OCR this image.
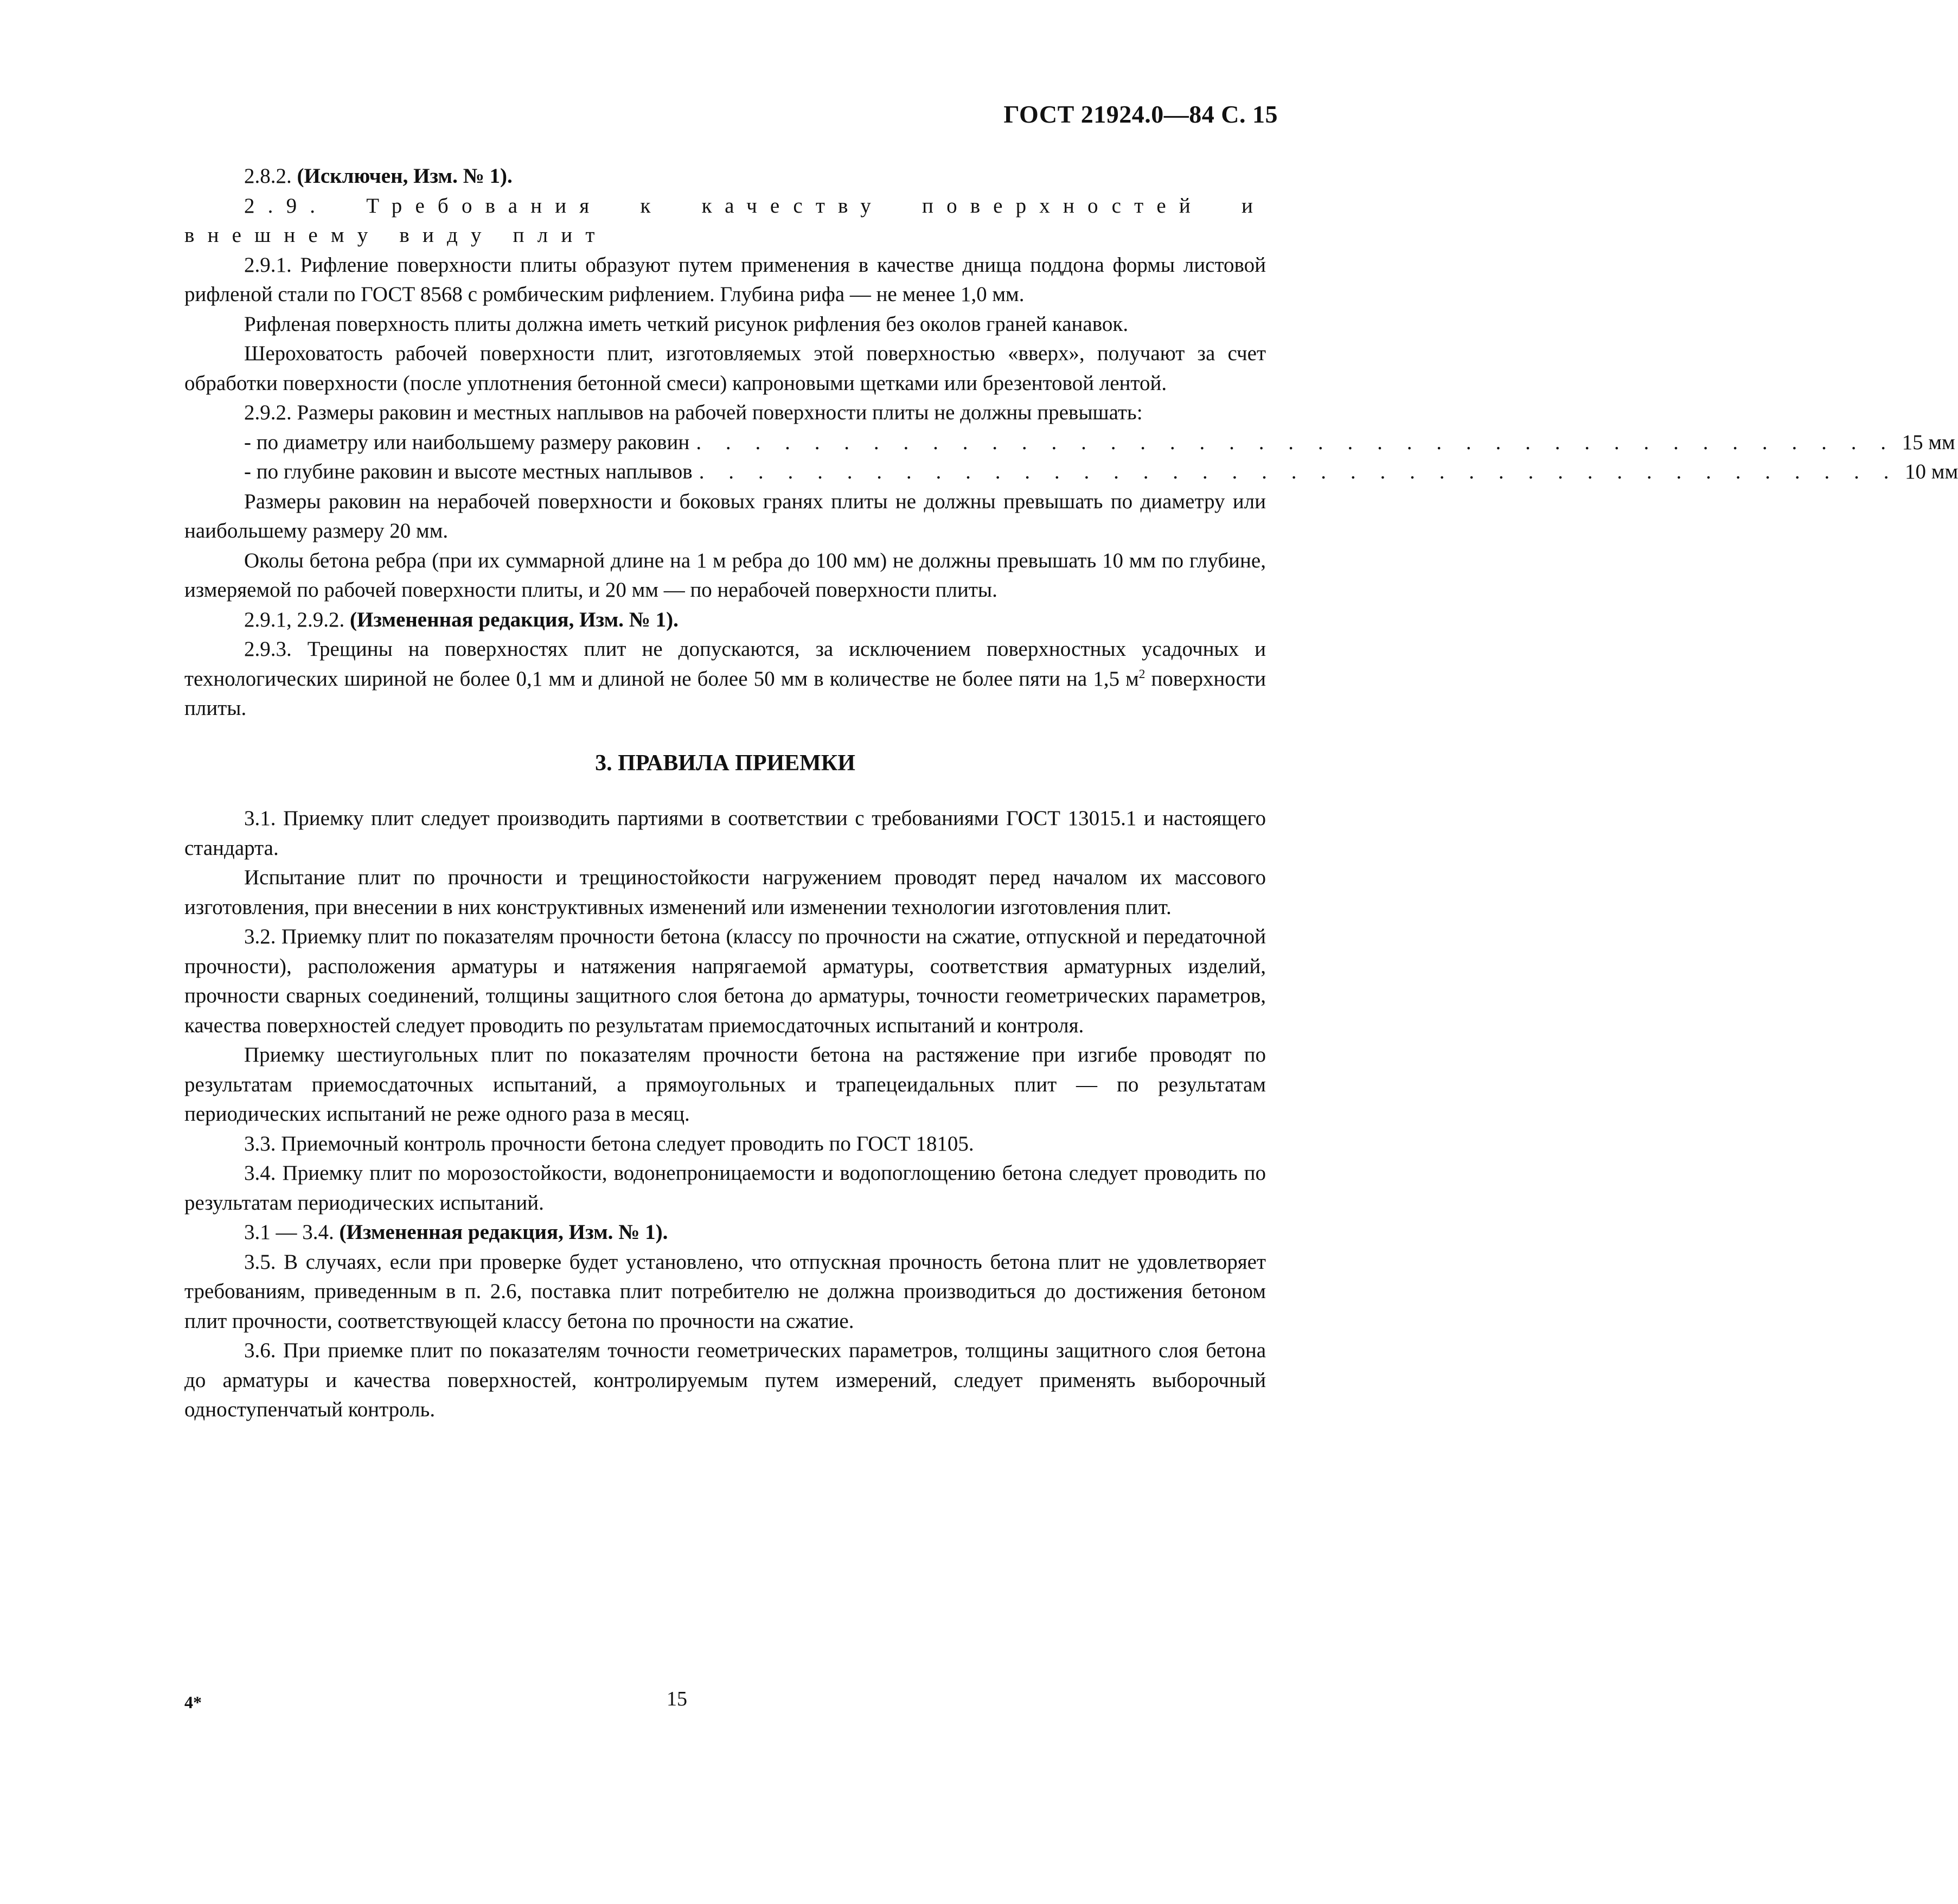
ГОСТ 21924.0—84 С. 15

2.8.2. (Исключен, Изм. № 1).

2.9. Требования к качеству поверхностей и внешнему виду плит

2.9.1. Рифление поверхности плиты образуют путем применения в качестве днища поддона формы листовой рифленой стали по ГОСТ 8568 с ромбическим рифлением. Глубина рифа — не менее 1,0 мм.

Рифленая поверхность плиты должна иметь четкий рисунок рифления без околов граней канавок.

Шероховатость рабочей поверхности плит, изготовляемых этой поверхностью «вверх», получают за счет обработки поверхности (после уплотнения бетонной смеси) капроновыми щетками или брезентовой лентой.

2.9.2. Размеры раковин и местных наплывов на рабочей поверхности плиты не должны превышать:

- по диаметру или наибольшему размеру раковин . . . . . . . . . . . . . . . . . . . . . . . . . . . . . . . . . . . . . . . . . 15 мм
- по глубине раковин и высоте местных наплывов . . . . . . . . . . . . . . . . . . . . . . . . . . . . . . . . . . . . . . . . . 10 мм

Размеры раковин на нерабочей поверхности и боковых гранях плиты не должны превышать по диаметру или наибольшему размеру 20 мм.

Околы бетона ребра (при их суммарной длине на 1 м ребра до 100 мм) не должны превышать 10 мм по глубине, измеряемой по рабочей поверхности плиты, и 20 мм — по нерабочей поверхности плиты.

2.9.1, 2.9.2. (Измененная редакция, Изм. № 1).

2.9.3. Трещины на поверхностях плит не допускаются, за исключением поверхностных усадочных и технологических шириной не более 0,1 мм и длиной не более 50 мм в количестве не более пяти на 1,5 $м^2$ поверхности плиты.

3. ПРАВИЛА ПРИЕМКИ

3.1. Приемку плит следует производить партиями в соответствии с требованиями ГОСТ 13015.1 и настоящего стандарта.

Испытание плит по прочности и трещиностойкости нагружением проводят перед началом их массового изготовления, при внесении в них конструктивных изменений или изменении технологии изготовления плит.

3.2. Приемку плит по показателям прочности бетона (классу по прочности на сжатие, отпускной и передаточной прочности), расположения арматуры и натяжения напрягаемой арматуры, соответствия арматурных изделий, прочности сварных соединений, толщины защитного слоя бетона до арматуры, точности геометрических параметров, качества поверхностей следует проводить по результатам приемосдаточных испытаний и контроля.

Приемку шестиугольных плит по показателям прочности бетона на растяжение при изгибе проводят по результатам приемосдаточных испытаний, а прямоугольных и трапецеидальных плит — по результатам периодических испытаний не реже одного раза в месяц.

3.3. Приемочный контроль прочности бетона следует проводить по ГОСТ 18105.

3.4. Приемку плит по морозостойкости, водонепроницаемости и водопоглощению бетона следует проводить по результатам периодических испытаний.

3.1 — 3.4. (Измененная редакция, Изм. № 1).

3.5. В случаях, если при проверке будет установлено, что отпускная прочность бетона плит не удовлетворяет требованиям, приведенным в п. 2.6, поставка плит потребителю не должна производиться до достижения бетоном плит прочности, соответствующей классу бетона по прочности на сжатие.

3.6. При приемке плит по показателям точности геометрических параметров, толщины защитного слоя бетона до арматуры и качества поверхностей, контролируемым путем измерений, следует применять выборочный одноступенчатый контроль.

4*	15
